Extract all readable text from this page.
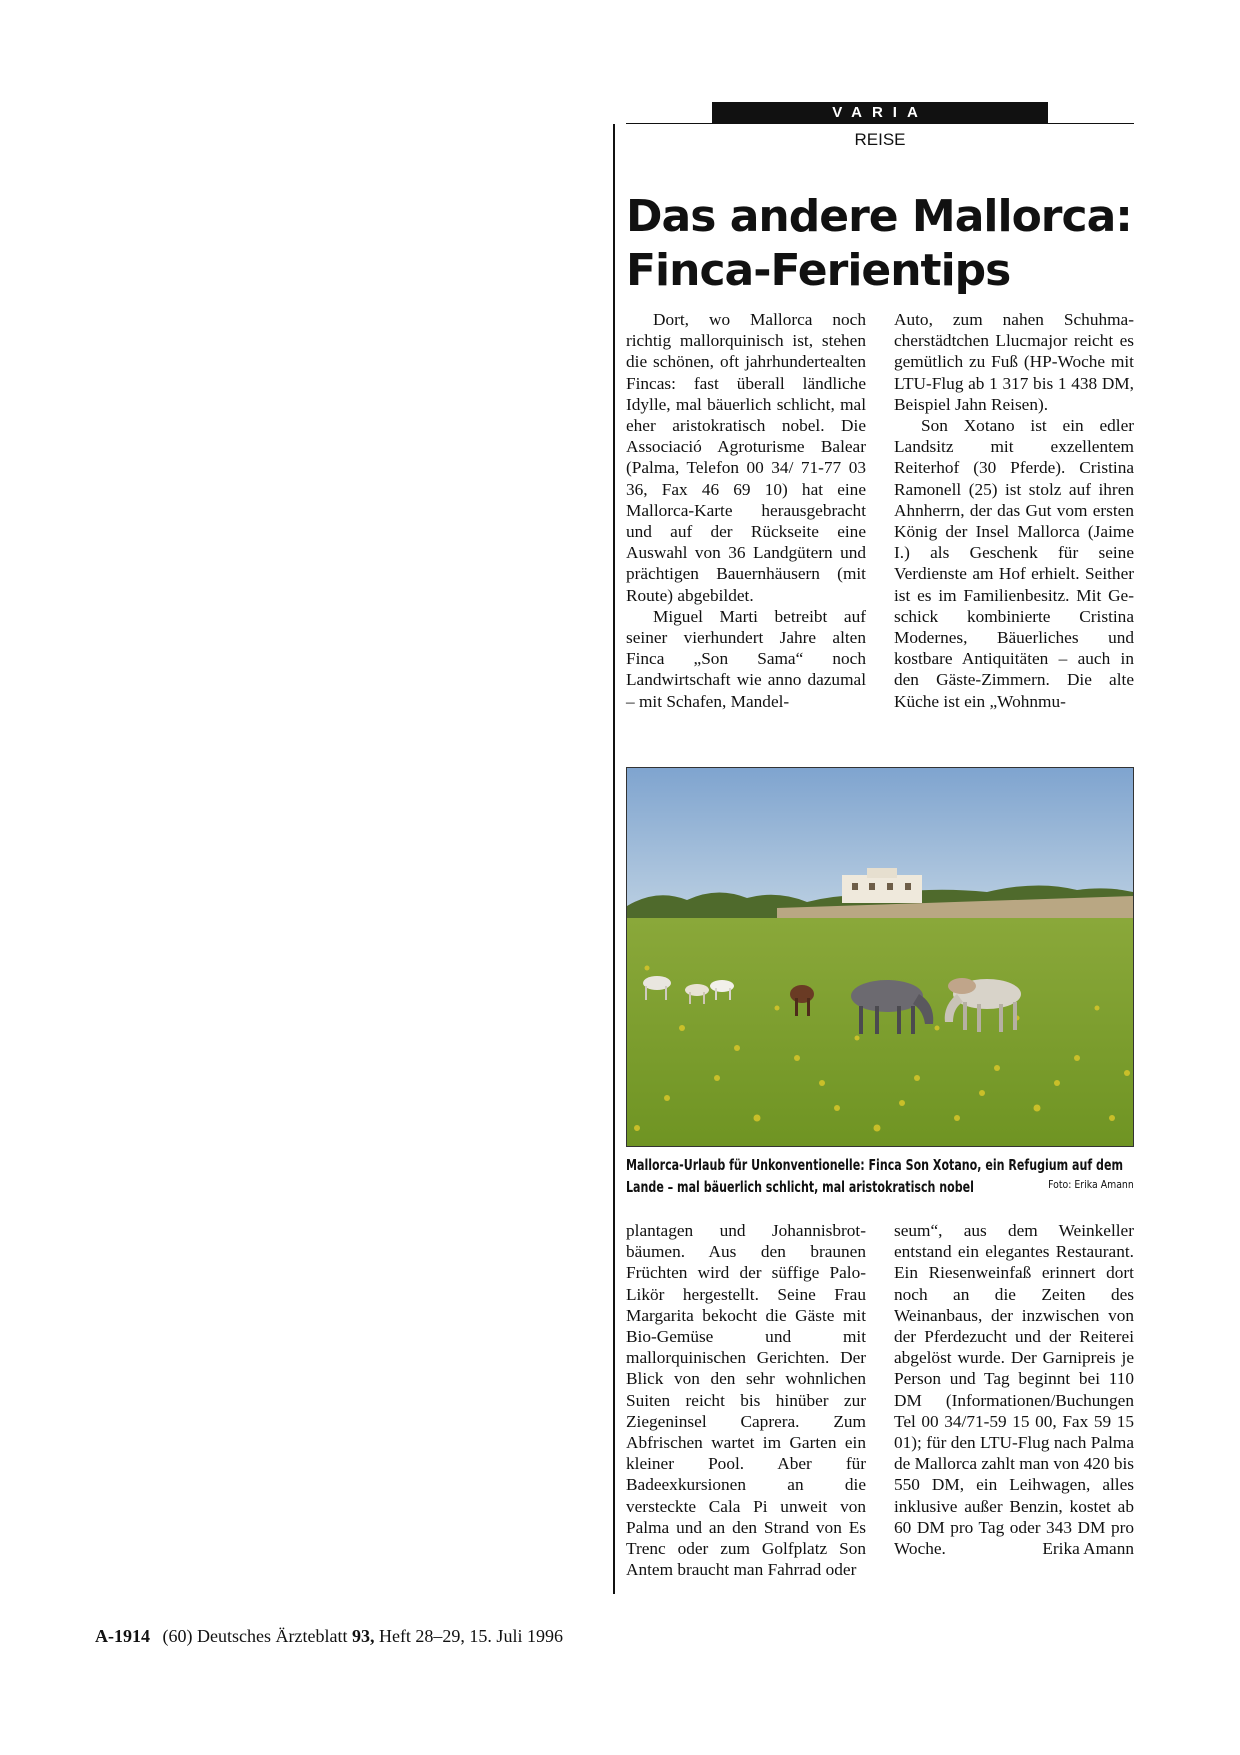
VARIA
REISE
Das andere Mallorca:
Finca-Ferientips

Dort, wo Mallorca noch richtig mallorquinisch ist, stehen die schönen, oft jahrhundertealten Fincas: fast überall ländliche Idylle, mal bäuerlich schlicht, mal eher aristokratisch nobel. Die Associació Agroturisme Balear (Palma, Telefon 00 34/ 71-77 03 36, Fax 46 69 10) hat eine Mallorca-Karte herausgebracht und auf der Rückseite eine Auswahl von 36 Landgütern und prächtigen Bauernhäusern (mit Route) abgebildet.

Miguel Marti betreibt auf seiner vierhundert Jahre alten Finca „Son Sama“ noch Landwirtschaft wie anno dazumal – mit Schafen, Mandel-

Auto, zum nahen Schuhmacherstädtchen Llucmajor reicht es gemütlich zu Fuß (HP-Woche mit LTU-Flug ab 1 317 bis 1 438 DM, Beispiel Jahn Reisen).

Son Xotano ist ein edler Landsitz mit exzellentem Reiterhof (30 Pferde). Cristina Ramonell (25) ist stolz auf ihren Ahnherrn, der das Gut vom ersten König der Insel Mallorca (Jaime I.) als Geschenk für seine Verdienste am Hof erhielt. Seither ist es im Familienbesitz. Mit Geschick kombinierte Cristina Modernes, Bäuerliches und kostbare Antiquitäten – auch in den Gäste-Zimmern. Die alte Küche ist ein „Wohnmu-

Mallorca-Urlaub für Unkonventionelle: Finca Son Xotano, ein Refugium auf dem
Lande – mal bäuerlich schlicht, mal aristokratisch nobel	Foto: Erika Amann

plantagen und Johannisbrotbäumen. Aus den braunen Früchten wird der süffige Palo-Likör hergestellt. Seine Frau Margarita bekocht die Gäste mit Bio-Gemüse und mit mallorquinischen Gerichten. Der Blick von den sehr wohnlichen Suiten reicht bis hinüber zur Ziegeninsel Caprera. Zum Abfrischen wartet im Garten ein kleiner Pool. Aber für Badeexkursionen an die versteckte Cala Pi unweit von Palma und an den Strand von Es Trenc oder zum Golfplatz Son Antem braucht man Fahrrad oder

seum“, aus dem Weinkeller entstand ein elegantes Restaurant. Ein Riesenweinfaß erinnert dort noch an die Zeiten des Weinanbaus, der inzwischen von der Pferdezucht und der Reiterei abgelöst wurde. Der Garnipreis je Person und Tag beginnt bei 110 DM (Informationen/Buchungen Tel 00 34/71-59 15 00, Fax 59 15 01); für den LTU-Flug nach Palma de Mallorca zahlt man von 420 bis 550 DM, ein Leihwagen, alles inklusive außer Benzin, kostet ab 60 DM pro Tag oder 343 DM pro Woche.	Erika Amann

A-1914 (60) Deutsches Ärzteblatt 93, Heft 28–29, 15. Juli 1996
